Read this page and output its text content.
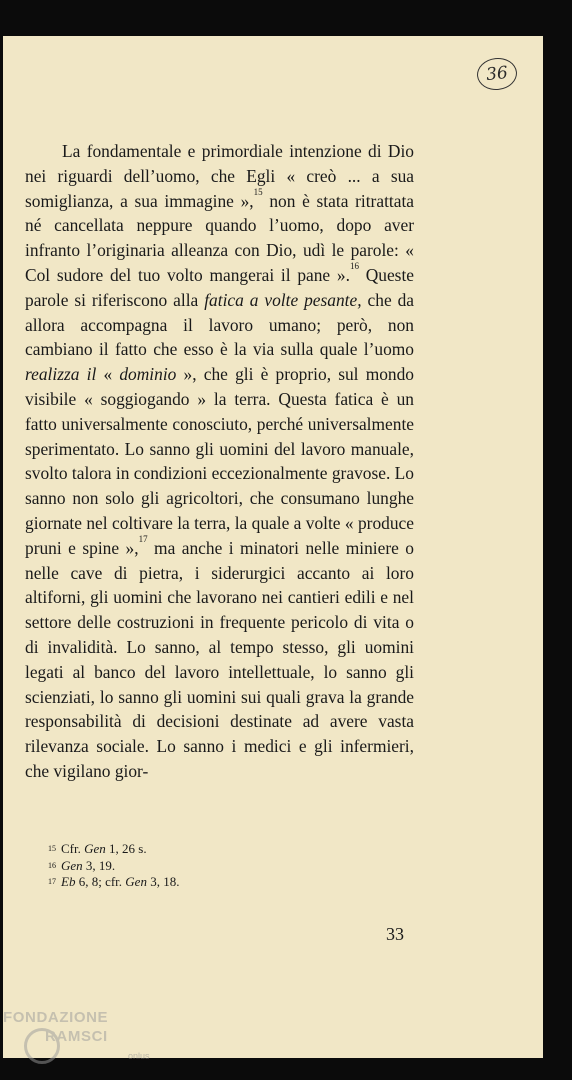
36

La fondamentale e primordiale intenzione di Dio nei riguardi dell’uomo, che Egli « creò ... a sua somiglianza, a sua immagine »,$^{15}$ non è stata ritrattata né cancellata neppure quando l’uomo, dopo aver infranto l’originaria alleanza con Dio, udì le parole: « Col sudore del tuo volto mangerai il pane ».$^{16}$ Queste parole si riferiscono alla fatica a volte pesante, che da allora accompagna il lavoro umano; però, non cambiano il fatto che esso è la via sulla quale l’uomo realizza il « dominio », che gli è proprio, sul mondo visibile « soggiogando » la terra. Questa fatica è un fatto universalmente conosciuto, perché universalmente sperimentato. Lo sanno gli uomini del lavoro manuale, svolto talora in condizioni eccezionalmente gravose. Lo sanno non solo gli agricoltori, che consumano lunghe giornate nel coltivare la terra, la quale a volte « produce pruni e spine »,$^{17}$ ma anche i minatori nelle miniere o nelle cave di pietra, i siderurgici accanto ai loro altiforni, gli uomini che lavorano nei cantieri edili e nel settore delle costruzioni in frequente pericolo di vita o di invalidità. Lo sanno, al tempo stesso, gli uomini legati al banco del lavoro intellettuale, lo sanno gli scienziati, lo sanno gli uomini sui quali grava la grande responsabilità di decisioni destinate ad avere vasta rilevanza sociale. Lo sanno i medici e gli infermieri, che vigilano gior-

$^{15}$ Cfr. Gen 1, 26 s.
$^{16}$ Gen 3, 19.
$^{17}$ Eb 6, 8; cfr. Gen 3, 18.
33
FONDAZIONE
RAMSCI
onlus
